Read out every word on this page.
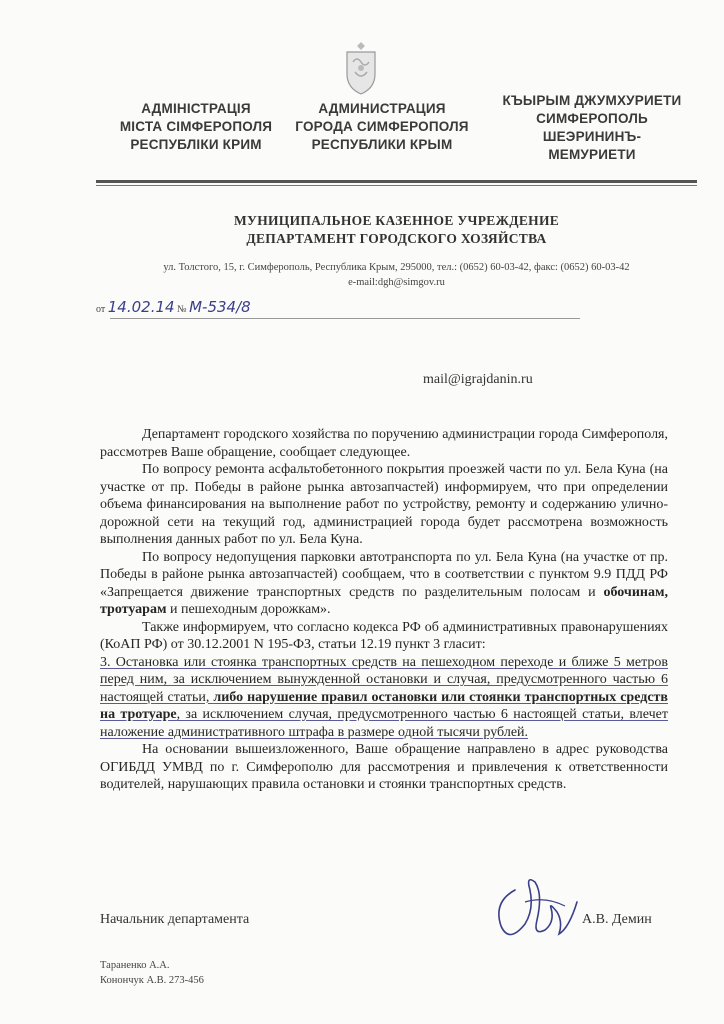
АДМІНІСТРАЦІЯ
МІСТА СІМФЕРОПОЛЯ
РЕСПУБЛІКИ КРИМ
АДМИНИСТРАЦИЯ
ГОРОДА СИМФЕРОПОЛЯ
РЕСПУБЛИКИ КРЫМ
КЪЫРЫМ ДЖУМХУРИЕТИ
СИМФЕРОПОЛЬ
ШЕЭРИНИНЪ-
МЕМУРИЕТИ
МУНИЦИПАЛЬНОЕ КАЗЕННОЕ УЧРЕЖДЕНИЕ
ДЕПАРТАМЕНТ ГОРОДСКОГО ХОЗЯЙСТВА
ул. Толстого, 15, г. Симферополь, Республика Крым, 295000, тел.: (0652) 60-03-42, факс: (0652) 60-03-42
e-mail:dgh@simgov.ru
от 14.02.14 № М-534/8
mail@igrajdanin.ru

Департамент городского хозяйства по поручению администрации города Симферополя, рассмотрев Ваше обращение, сообщает следующее.

По вопросу ремонта асфальтобетонного покрытия проезжей части по ул. Бела Куна (на участке от пр. Победы в районе рынка автозапчастей) информируем, что при определении объема финансирования на выполнение работ по устройству, ремонту и содержанию улично-дорожной сети на текущий год, администрацией города будет рассмотрена возможность выполнения данных работ по ул. Бела Куна.

По вопросу недопущения парковки автотранспорта по ул. Бела Куна (на участке от пр. Победы в районе рынка автозапчастей) сообщаем, что в соответствии с пунктом 9.9 ПДД РФ «Запрещается движение транспортных средств по разделительным полосам и обочинам, тротуарам и пешеходным дорожкам».

Также информируем, что согласно кодекса РФ об административных правонарушениях (КоАП РФ) от 30.12.2001 N 195-ФЗ, статьи 12.19 пункт 3 гласит:

3. Остановка или стоянка транспортных средств на пешеходном переходе и ближе 5 метров перед ним, за исключением вынужденной остановки и случая, предусмотренного частью 6 настоящей статьи, либо нарушение правил остановки или стоянки транспортных средств на тротуаре, за исключением случая, предусмотренного частью 6 настоящей статьи, влечет наложение административного штрафа в размере одной тысячи рублей.

На основании вышеизложенного, Ваше обращение направлено в адрес руководства ОГИБДД УМВД по г. Симферополю для рассмотрения и привлечения к ответственности водителей, нарушающих правила остановки и стоянки транспортных средств.

Начальник департамента	А.В. Демин
Тараненко А.А.
Конончук А.В. 273-456
